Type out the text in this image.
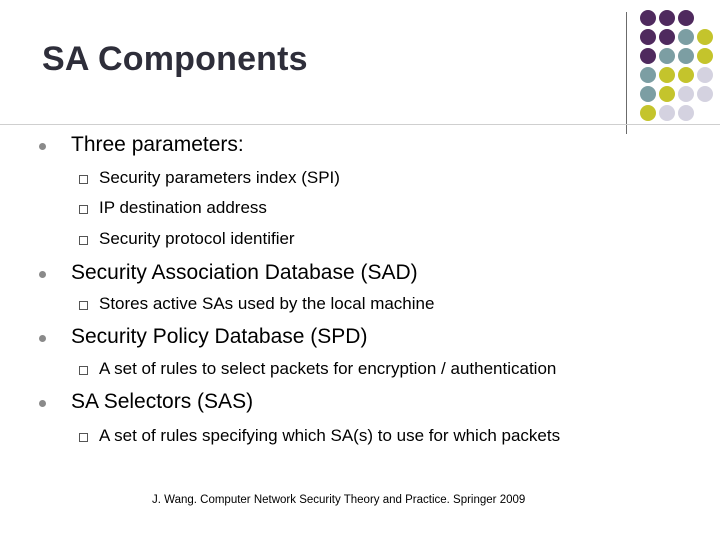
SA Components
Three parameters:
Security parameters index (SPI)
IP destination address
Security protocol identifier
Security Association Database (SAD)
Stores active SAs used by the local machine
Security Policy Database (SPD)
A set of rules to select packets for encryption / authentication
SA Selectors (SAS)
A set of rules specifying which SA(s) to use for which packets
J. Wang. Computer Network Security Theory and Practice. Springer 2009
